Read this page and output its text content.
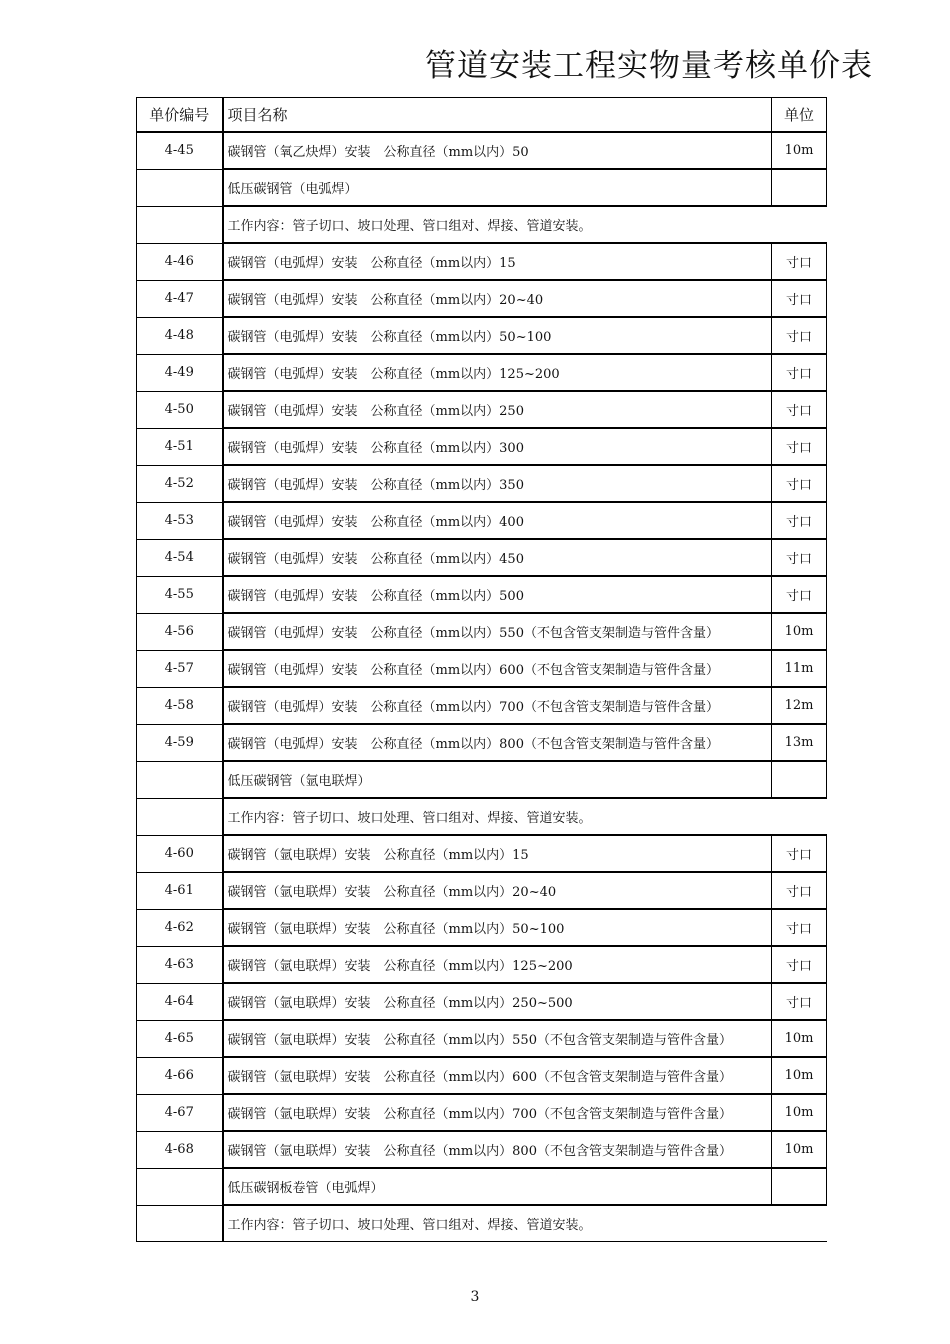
管道安装工程实物量考核单价表
单价编号	项目名称	单位
4-45	碳钢管（氧乙炔焊）安装　公称直径（mm以内）50	10m
	低压碳钢管（电弧焊）	
	工作内容：管子切口、坡口处理、管口组对、焊接、管道安装。	
4-46	碳钢管（电弧焊）安装　公称直径（mm以内）15	寸口
4-47	碳钢管（电弧焊）安装　公称直径（mm以内）20~40	寸口
4-48	碳钢管（电弧焊）安装　公称直径（mm以内）50~100	寸口
4-49	碳钢管（电弧焊）安装　公称直径（mm以内）125~200	寸口
4-50	碳钢管（电弧焊）安装　公称直径（mm以内）250	寸口
4-51	碳钢管（电弧焊）安装　公称直径（mm以内）300	寸口
4-52	碳钢管（电弧焊）安装　公称直径（mm以内）350	寸口
4-53	碳钢管（电弧焊）安装　公称直径（mm以内）400	寸口
4-54	碳钢管（电弧焊）安装　公称直径（mm以内）450	寸口
4-55	碳钢管（电弧焊）安装　公称直径（mm以内）500	寸口
4-56	碳钢管（电弧焊）安装　公称直径（mm以内）550（不包含管支架制造与管件含量）	10m
4-57	碳钢管（电弧焊）安装　公称直径（mm以内）600（不包含管支架制造与管件含量）	11m
4-58	碳钢管（电弧焊）安装　公称直径（mm以内）700（不包含管支架制造与管件含量）	12m
4-59	碳钢管（电弧焊）安装　公称直径（mm以内）800（不包含管支架制造与管件含量）	13m
	低压碳钢管（氩电联焊）	
	工作内容：管子切口、坡口处理、管口组对、焊接、管道安装。	
4-60	碳钢管（氩电联焊）安装　公称直径（mm以内）15	寸口
4-61	碳钢管（氩电联焊）安装　公称直径（mm以内）20~40	寸口
4-62	碳钢管（氩电联焊）安装　公称直径（mm以内）50~100	寸口
4-63	碳钢管（氩电联焊）安装　公称直径（mm以内）125~200	寸口
4-64	碳钢管（氩电联焊）安装　公称直径（mm以内）250~500	寸口
4-65	碳钢管（氩电联焊）安装　公称直径（mm以内）550（不包含管支架制造与管件含量）	10m
4-66	碳钢管（氩电联焊）安装　公称直径（mm以内）600（不包含管支架制造与管件含量）	10m
4-67	碳钢管（氩电联焊）安装　公称直径（mm以内）700（不包含管支架制造与管件含量）	10m
4-68	碳钢管（氩电联焊）安装　公称直径（mm以内）800（不包含管支架制造与管件含量）	10m
	低压碳钢板卷管（电弧焊）	
	工作内容：管子切口、坡口处理、管口组对、焊接、管道安装。	
3
